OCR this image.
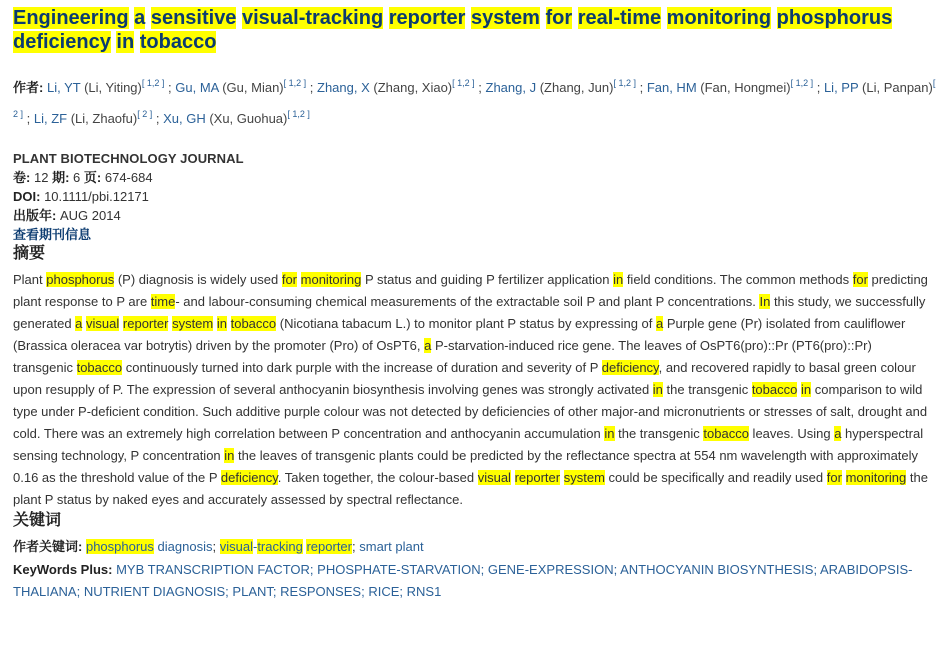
Engineering a sensitive visual-tracking reporter system for real-time monitoring phosphorus deficiency in tobacco
作者: Li, YT (Li, Yiting)[ 1,2 ] ; Gu, MA (Gu, Mian)[ 1,2 ] ; Zhang, X (Zhang, Xiao)[ 1,2 ] ; Zhang, J (Zhang, Jun)[ 1,2 ] ; Fan, HM (Fan, Hongmei)[ 1,2 ] ; Li, PP (Li, Panpan)[ 2 ] ; Li, ZF (Li, Zhaofu)[ 2 ] ; Xu, GH (Xu, Guohua)[ 1,2 ]
PLANT BIOTECHNOLOGY JOURNAL
卷: 12 期: 6 页: 674-684
DOI: 10.1111/pbi.12171
出版年: AUG 2014
查看期刊信息
摘要
Plant phosphorus (P) diagnosis is widely used for monitoring P status and guiding P fertilizer application in field conditions. The common methods for predicting plant response to P are time- and labour-consuming chemical measurements of the extractable soil P and plant P concentrations. In this study, we successfully generated a visual reporter system in tobacco (Nicotiana tabacum L.) to monitor plant P status by expressing of a Purple gene (Pr) isolated from cauliflower (Brassica oleracea var botrytis) driven by the promoter (Pro) of OsPT6, a P-starvation-induced rice gene. The leaves of OsPT6(pro)::Pr (PT6(pro)::Pr) transgenic tobacco continuously turned into dark purple with the increase of duration and severity of P deficiency, and recovered rapidly to basal green colour upon resupply of P. The expression of several anthocyanin biosynthesis involving genes was strongly activated in the transgenic tobacco in comparison to wild type under P-deficient condition. Such additive purple colour was not detected by deficiencies of other major-and micronutrients or stresses of salt, drought and cold. There was an extremely high correlation between P concentration and anthocyanin accumulation in the transgenic tobacco leaves. Using a hyperspectral sensing technology, P concentration in the leaves of transgenic plants could be predicted by the reflectance spectra at 554 nm wavelength with approximately 0.16 as the threshold value of the P deficiency. Taken together, the colour-based visual reporter system could be specifically and readily used for monitoring the plant P status by naked eyes and accurately assessed by spectral reflectance.
关键词
作者关键词: phosphorus diagnosis; visual-tracking reporter; smart plant
KeyWords Plus: MYB TRANSCRIPTION FACTOR; PHOSPHATE-STARVATION; GENE-EXPRESSION; ANTHOCYANIN BIOSYNTHESIS; ARABIDOPSIS-THALIANA; NUTRIENT DIAGNOSIS; PLANT; RESPONSES; RICE; RNS1
